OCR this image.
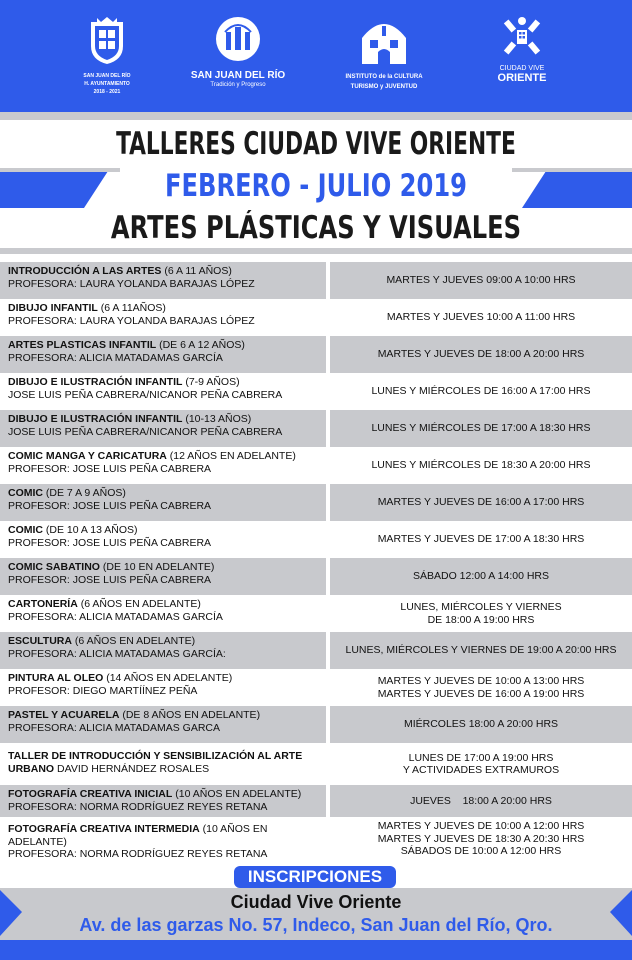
SAN JUAN DEL RÍO
H. AYUNTAMIENTO
2018 - 2021
SAN JUAN DEL RÍO
Tradición y Progreso
INSTITUTO de la CULTURA
TURISMO y JUVENTUD
CIUDAD VIVE
ORIENTE
TALLERES CIUDAD VIVE ORIENTE
FEBRERO - JULIO 2019
ARTES PLÁSTICAS Y VISUALES
INTRODUCCIÓN A LAS ARTES (6 A 11 AÑOS)
PROFESORA: LAURA YOLANDA BARAJAS LÓPEZ	MARTES Y JUEVES 09:00 A 10:00 HRS
DIBUJO INFANTIL (6 A 11AÑOS)
PROFESORA: LAURA YOLANDA BARAJAS LÓPEZ	MARTES Y JUEVES 10:00 A 11:00 HRS
ARTES PLASTICAS INFANTIL (DE 6 A 12 AÑOS)
PROFESORA: ALICIA MATADAMAS GARCÍA	MARTES Y JUEVES DE 18:00 A 20:00 HRS
DIBUJO E ILUSTRACIÓN INFANTIL (7-9 AÑOS)
JOSE LUIS PEÑA CABRERA/NICANOR PEÑA CABRERA	LUNES Y MIÉRCOLES DE 16:00 A 17:00 HRS
DIBUJO E ILUSTRACIÓN INFANTIL (10-13 AÑOS)
JOSE LUIS PEÑA CABRERA/NICANOR PEÑA CABRERA	LUNES Y MIÉRCOLES DE 17:00 A 18:30 HRS
COMIC MANGA Y CARICATURA (12 AÑOS EN ADELANTE)
PROFESOR: JOSE LUIS PEÑA CABRERA	LUNES Y MIÉRCOLES DE 18:30 A 20:00 HRS
COMIC (DE 7 A 9 AÑOS)
PROFESOR: JOSE LUIS PEÑA CABRERA	MARTES Y JUEVES DE 16:00 A 17:00 HRS
COMIC (DE 10 A 13 AÑOS)
PROFESOR: JOSE LUIS PEÑA CABRERA	MARTES Y JUEVES DE 17:00 A 18:30 HRS
COMIC SABATINO (DE 10 EN ADELANTE)
PROFESOR: JOSE LUIS PEÑA CABRERA	SÁBADO 12:00 A 14:00 HRS
CARTONERÍA (6 AÑOS EN ADELANTE)
PROFESORA: ALICIA MATADAMAS GARCÍA
LUNES, MIÉRCOLES Y VIERNES
DE 18:00 A 19:00 HRS
ESCULTURA (6 AÑOS EN ADELANTE)
PROFESORA: ALICIA MATADAMAS GARCÍA:	LUNES, MIÉRCOLES Y VIERNES DE 19:00 A 20:00 HRS
PINTURA AL OLEO (14 AÑOS EN ADELANTE)
PROFESOR: DIEGO MARTÍÍNEZ PEÑA
MARTES Y JUEVES DE 10:00 A 13:00 HRS
MARTES Y JUEVES DE 16:00 A 19:00 HRS
PASTEL Y ACUARELA (DE 8 AÑOS EN ADELANTE)
PROFESORA: ALICIA MATADAMAS GARCA	MIÉRCOLES 18:00 A 20:00 HRS
TALLER DE INTRODUCCIÓN Y SENSIBILIZACIÓN AL ARTE
URBANO DAVID HERNÁNDEZ ROSALES
LUNES DE 17:00 A 19:00 HRS
Y ACTIVIDADES EXTRAMUROS
FOTOGRAFÍA CREATIVA INICIAL (10 AÑOS EN ADELANTE)
PROFESORA: NORMA RODRÍGUEZ REYES RETANA	JUEVES    18:00 A 20:00 HRS
FOTOGRAFÍA CREATIVA INTERMEDIA (10 AÑOS EN ADELANTE)
PROFESORA: NORMA RODRÍGUEZ REYES RETANA
MARTES Y JUEVES DE 10:00 A 12:00 HRS
MARTES Y JUEVES DE 18:30 A 20:30 HRS
SÁBADOS DE 10:00 A 12:00 HRS
INSCRIPCIONES
Ciudad Vive Oriente
Av. de las garzas No. 57, Indeco, San Juan del Río, Qro.
